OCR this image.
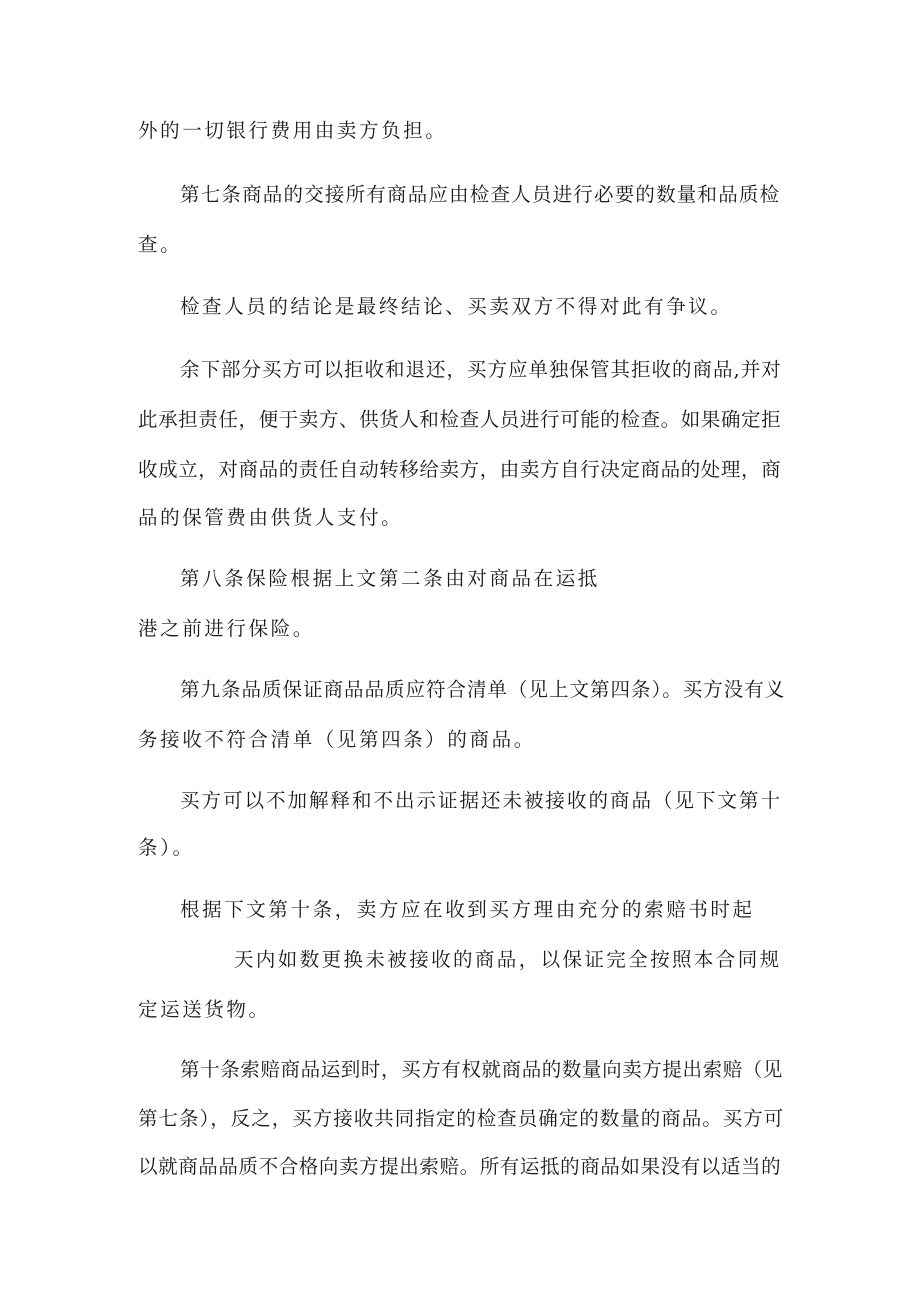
外的一切银行费用由卖方负担。
第七条商品的交接所有商品应由检查人员进行必要的数量和品质检
查。
检查人员的结论是最终结论、买卖双方不得对此有争议。
余下部分买方可以拒收和退还，买方应单独保管其拒收的商品,并对
此承担责任，便于卖方、供货人和检查人员进行可能的检查。如果确定拒
收成立，对商品的责任自动转移给卖方，由卖方自行决定商品的处理，商
品的保管费由供货人支付。
第八条保险根据上文第二条由对商品在运抵
港之前进行保险。
第九条品质保证商品品质应符合清单（见上文第四条）。买方没有义
务接收不符合清单（见第四条）的商品。
买方可以不加解释和不出示证据还未被接收的商品（见下文第十
条）。
根据下文第十条，卖方应在收到买方理由充分的索赔书时起
天内如数更换未被接收的商品，以保证完全按照本合同规
定运送货物。
第十条索赔商品运到时，买方有权就商品的数量向卖方提出索赔（见
第七条），反之，买方接收共同指定的检查员确定的数量的商品。买方可
以就商品品质不合格向卖方提出索赔。所有运抵的商品如果没有以适当的
